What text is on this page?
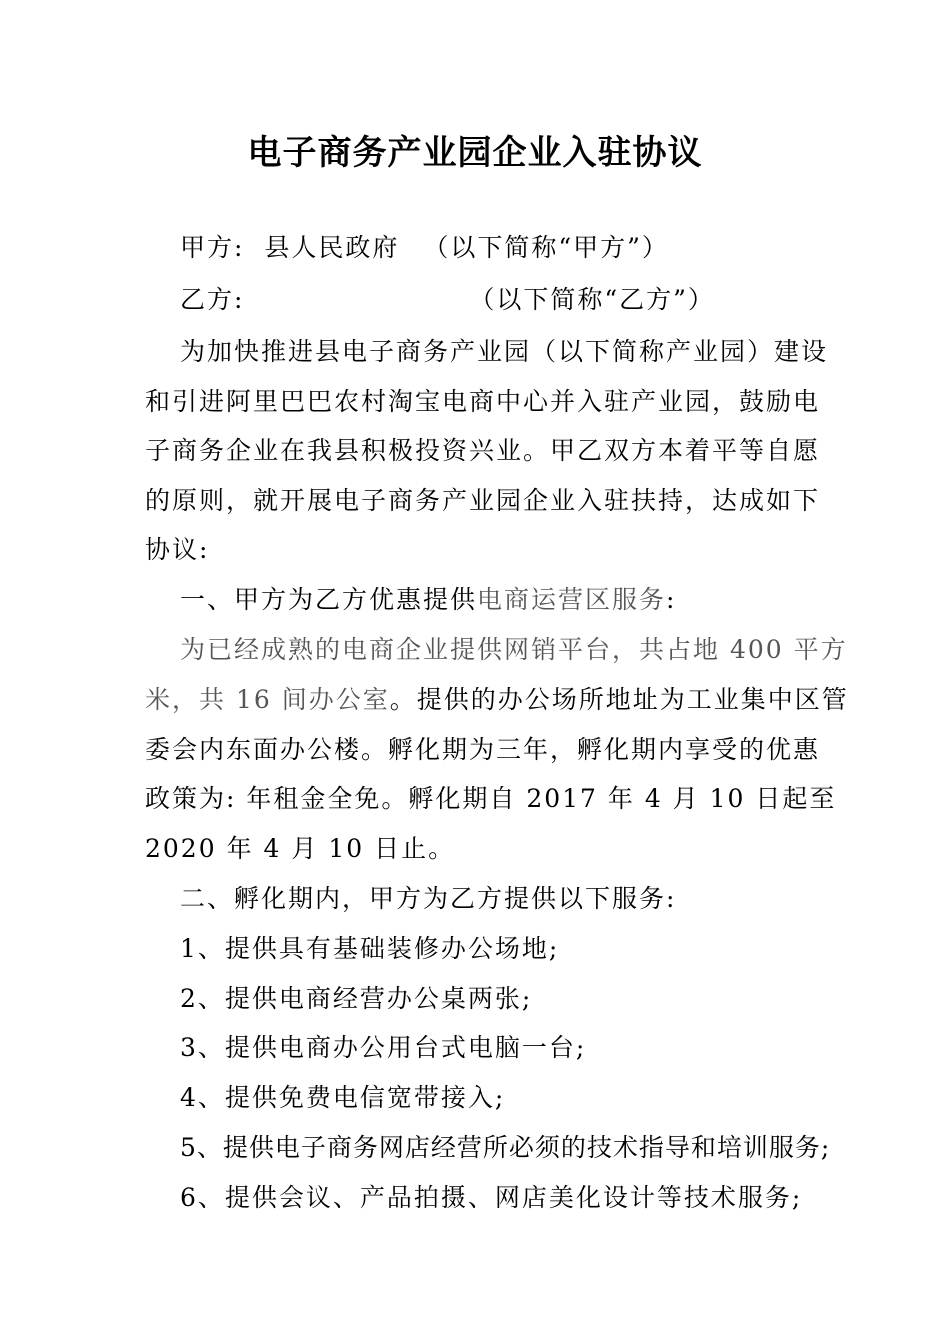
电子商务产业园企业入驻协议
甲方: 县人民政府 （以下简称“甲方”）
乙方:	（以下简称“乙方”）
为加快推进县电子商务产业园（以下简称产业园）建设
和引进阿里巴巴农村淘宝电商中心并入驻产业园，鼓励电
子商务企业在我县积极投资兴业。甲乙双方本着平等自愿
的原则，就开展电子商务产业园企业入驻扶持，达成如下
协议:
一、甲方为乙方优惠提供电商运营区服务:
为已经成熟的电商企业提供网销平台，共占地 400 平方
米，共 16 间办公室。提供的办公场所地址为工业集中区管
委会内东面办公楼。孵化期为三年，孵化期内享受的优惠
政策为: 年租金全免。孵化期自 2017 年 4 月 10 日起至
2020 年 4 月 10 日止。
二、孵化期内，甲方为乙方提供以下服务:
1、提供具有基础装修办公场地;
2、提供电商经营办公桌两张;
3、提供电商办公用台式电脑一台;
4、提供免费电信宽带接入;
5、提供电子商务网店经营所必须的技术指导和培训服务;
6、提供会议、产品拍摄、网店美化设计等技术服务;
